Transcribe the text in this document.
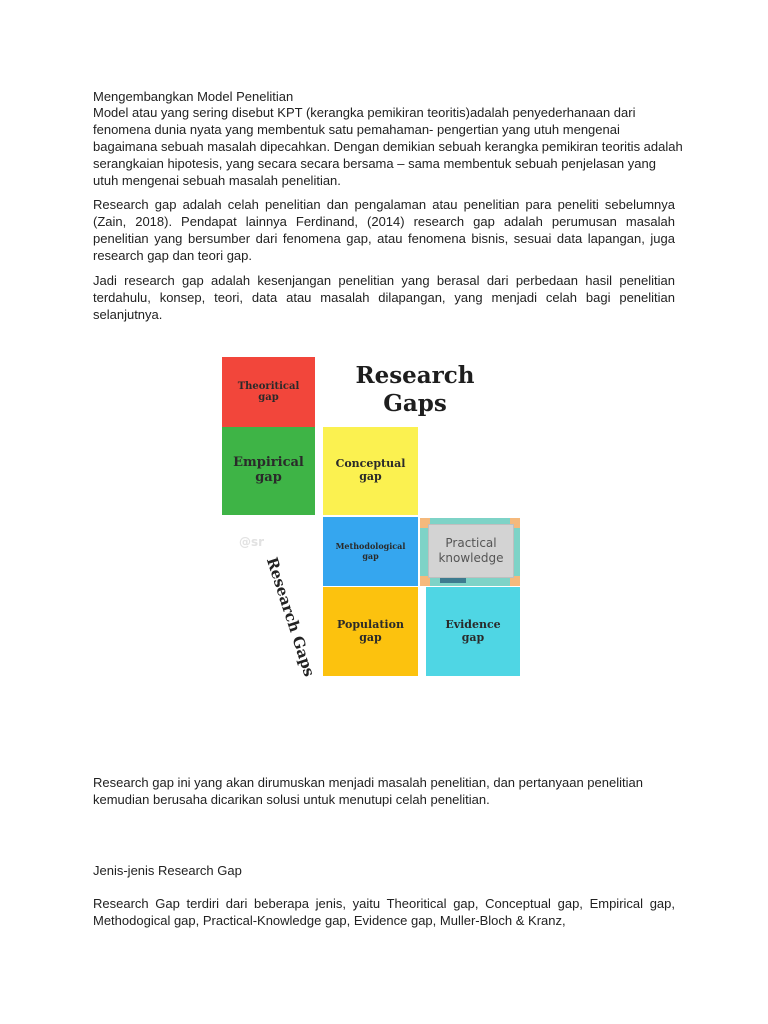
Mengembangkan Model Penelitian

Model atau yang sering disebut KPT (kerangka pemikiran teoritis)adalah penyederhanaan dari fenomena dunia nyata yang membentuk satu pemahaman- pengertian yang utuh mengenai bagaimana sebuah masalah dipecahkan. Dengan demikian sebuah kerangka pemikiran teoritis adalah serangkaian hipotesis, yang secara secara bersama – sama membentuk sebuah penjelasan yang utuh mengenai sebuah masalah penelitian.

Research gap adalah celah penelitian dan pengalaman atau penelitian para peneliti sebelumnya (Zain, 2018). Pendapat lainnya Ferdinand, (2014) research gap adalah perumusan masalah penelitian yang bersumber dari fenomena gap, atau fenomena bisnis, sesuai data lapangan, juga research gap dan teori gap.

Jadi research gap adalah kesenjangan penelitian yang berasal dari perbedaan hasil penelitian terdahulu, konsep, teori, data atau masalah dilapangan, yang menjadi celah bagi penelitian selanjutnya.

Theoritical
gap
Empirical
gap
Research
Gaps
Conceptual
gap
@sr	Methodological
gap
Practical
knowledge
Research Gaps Population
gap
Evidence
gap

Research gap ini yang akan dirumuskan menjadi masalah penelitian, dan pertanyaan penelitian kemudian berusaha dicarikan solusi untuk menutupi celah penelitian.

Jenis-jenis Research Gap

Research Gap terdiri dari beberapa jenis, yaitu Theoritical gap, Conceptual gap, Empirical gap, Methodogical gap, Practical-Knowledge gap, Evidence gap, Muller-Bloch & Kranz,
